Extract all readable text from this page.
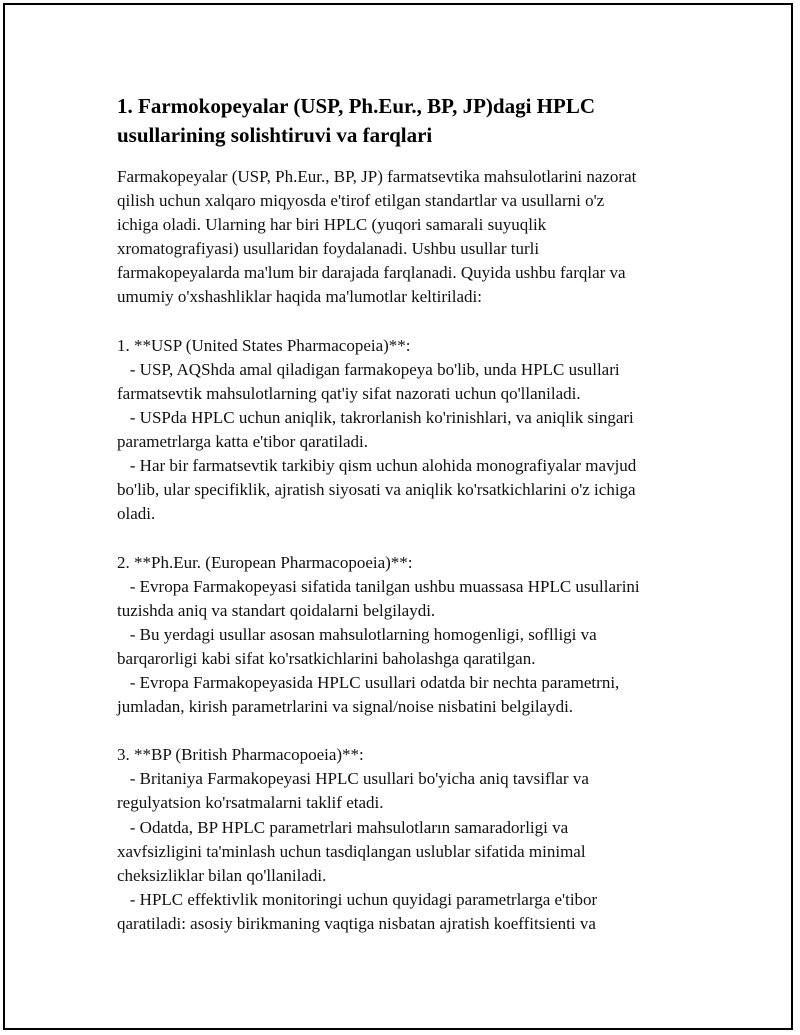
1. Farmokopeyalar (USP, Ph.Eur., BP, JP)dagi HPLC usullarining solishtiruvi va farqlari
Farmakopeyalar (USP, Ph.Eur., BP, JP) farmatsevtika mahsulotlarini nazorat
qilish uchun xalqaro miqyosda e'tirof etilgan standartlar va usullarni o'z
ichiga oladi. Ularning har biri HPLC (yuqori samarali suyuqlik
xromatografiyasi) usullaridan foydalanadi. Ushbu usullar turli
farmakopeyalarda ma'lum bir darajada farqlanadi. Quyida ushbu farqlar va
umumiy o'xshashliklar haqida ma'lumotlar keltiriladi:

1. **USP (United States Pharmacopeia)**:
- USP, AQShda amal qiladigan farmakopeya bo'lib, unda HPLC usullari
farmatsevtik mahsulotlarning qat'iy sifat nazorati uchun qo'llaniladi.
- USPda HPLC uchun aniqlik, takrorlanish ko'rinishlari, va aniqlik singari
parametrlarga katta e'tibor qaratiladi.
- Har bir farmatsevtik tarkibiy qism uchun alohida monografiyalar mavjud
bo'lib, ular specifiklik, ajratish siyosati va aniqlik ko'rsatkichlarini o'z ichiga
oladi.

2. **Ph.Eur. (European Pharmacopoeia)**:
- Evropa Farmakopeyasi sifatida tanilgan ushbu muassasa HPLC usullarini
tuzishda aniq va standart qoidalarni belgilaydi.
- Bu yerdagi usullar asosan mahsulotlarning homogenligi, soflligi va
barqarorligi kabi sifat ko'rsatkichlarini baholashga qaratilgan.
- Evropa Farmakopeyasida HPLC usullari odatda bir nechta parametrni,
jumladan, kirish parametrlarini va signal/noise nisbatini belgilaydi.

3. **BP (British Pharmacopoeia)**:
- Britaniya Farmakopeyasi HPLC usullari bo'yicha aniq tavsiflar va
regulyatsion ko'rsatmalarni taklif etadi.
- Odatda, BP HPLC parametrlari mahsulotların samaradorligi va
xavfsizligini ta'minlash uchun tasdiqlangan uslublar sifatida minimal
cheksizliklar bilan qo'llaniladi.
- HPLC effektivlik monitoringi uchun quyidagi parametrlarga e'tibor
qaratiladi: asosiy birikmaning vaqtiga nisbatan ajratish koeffitsienti va
